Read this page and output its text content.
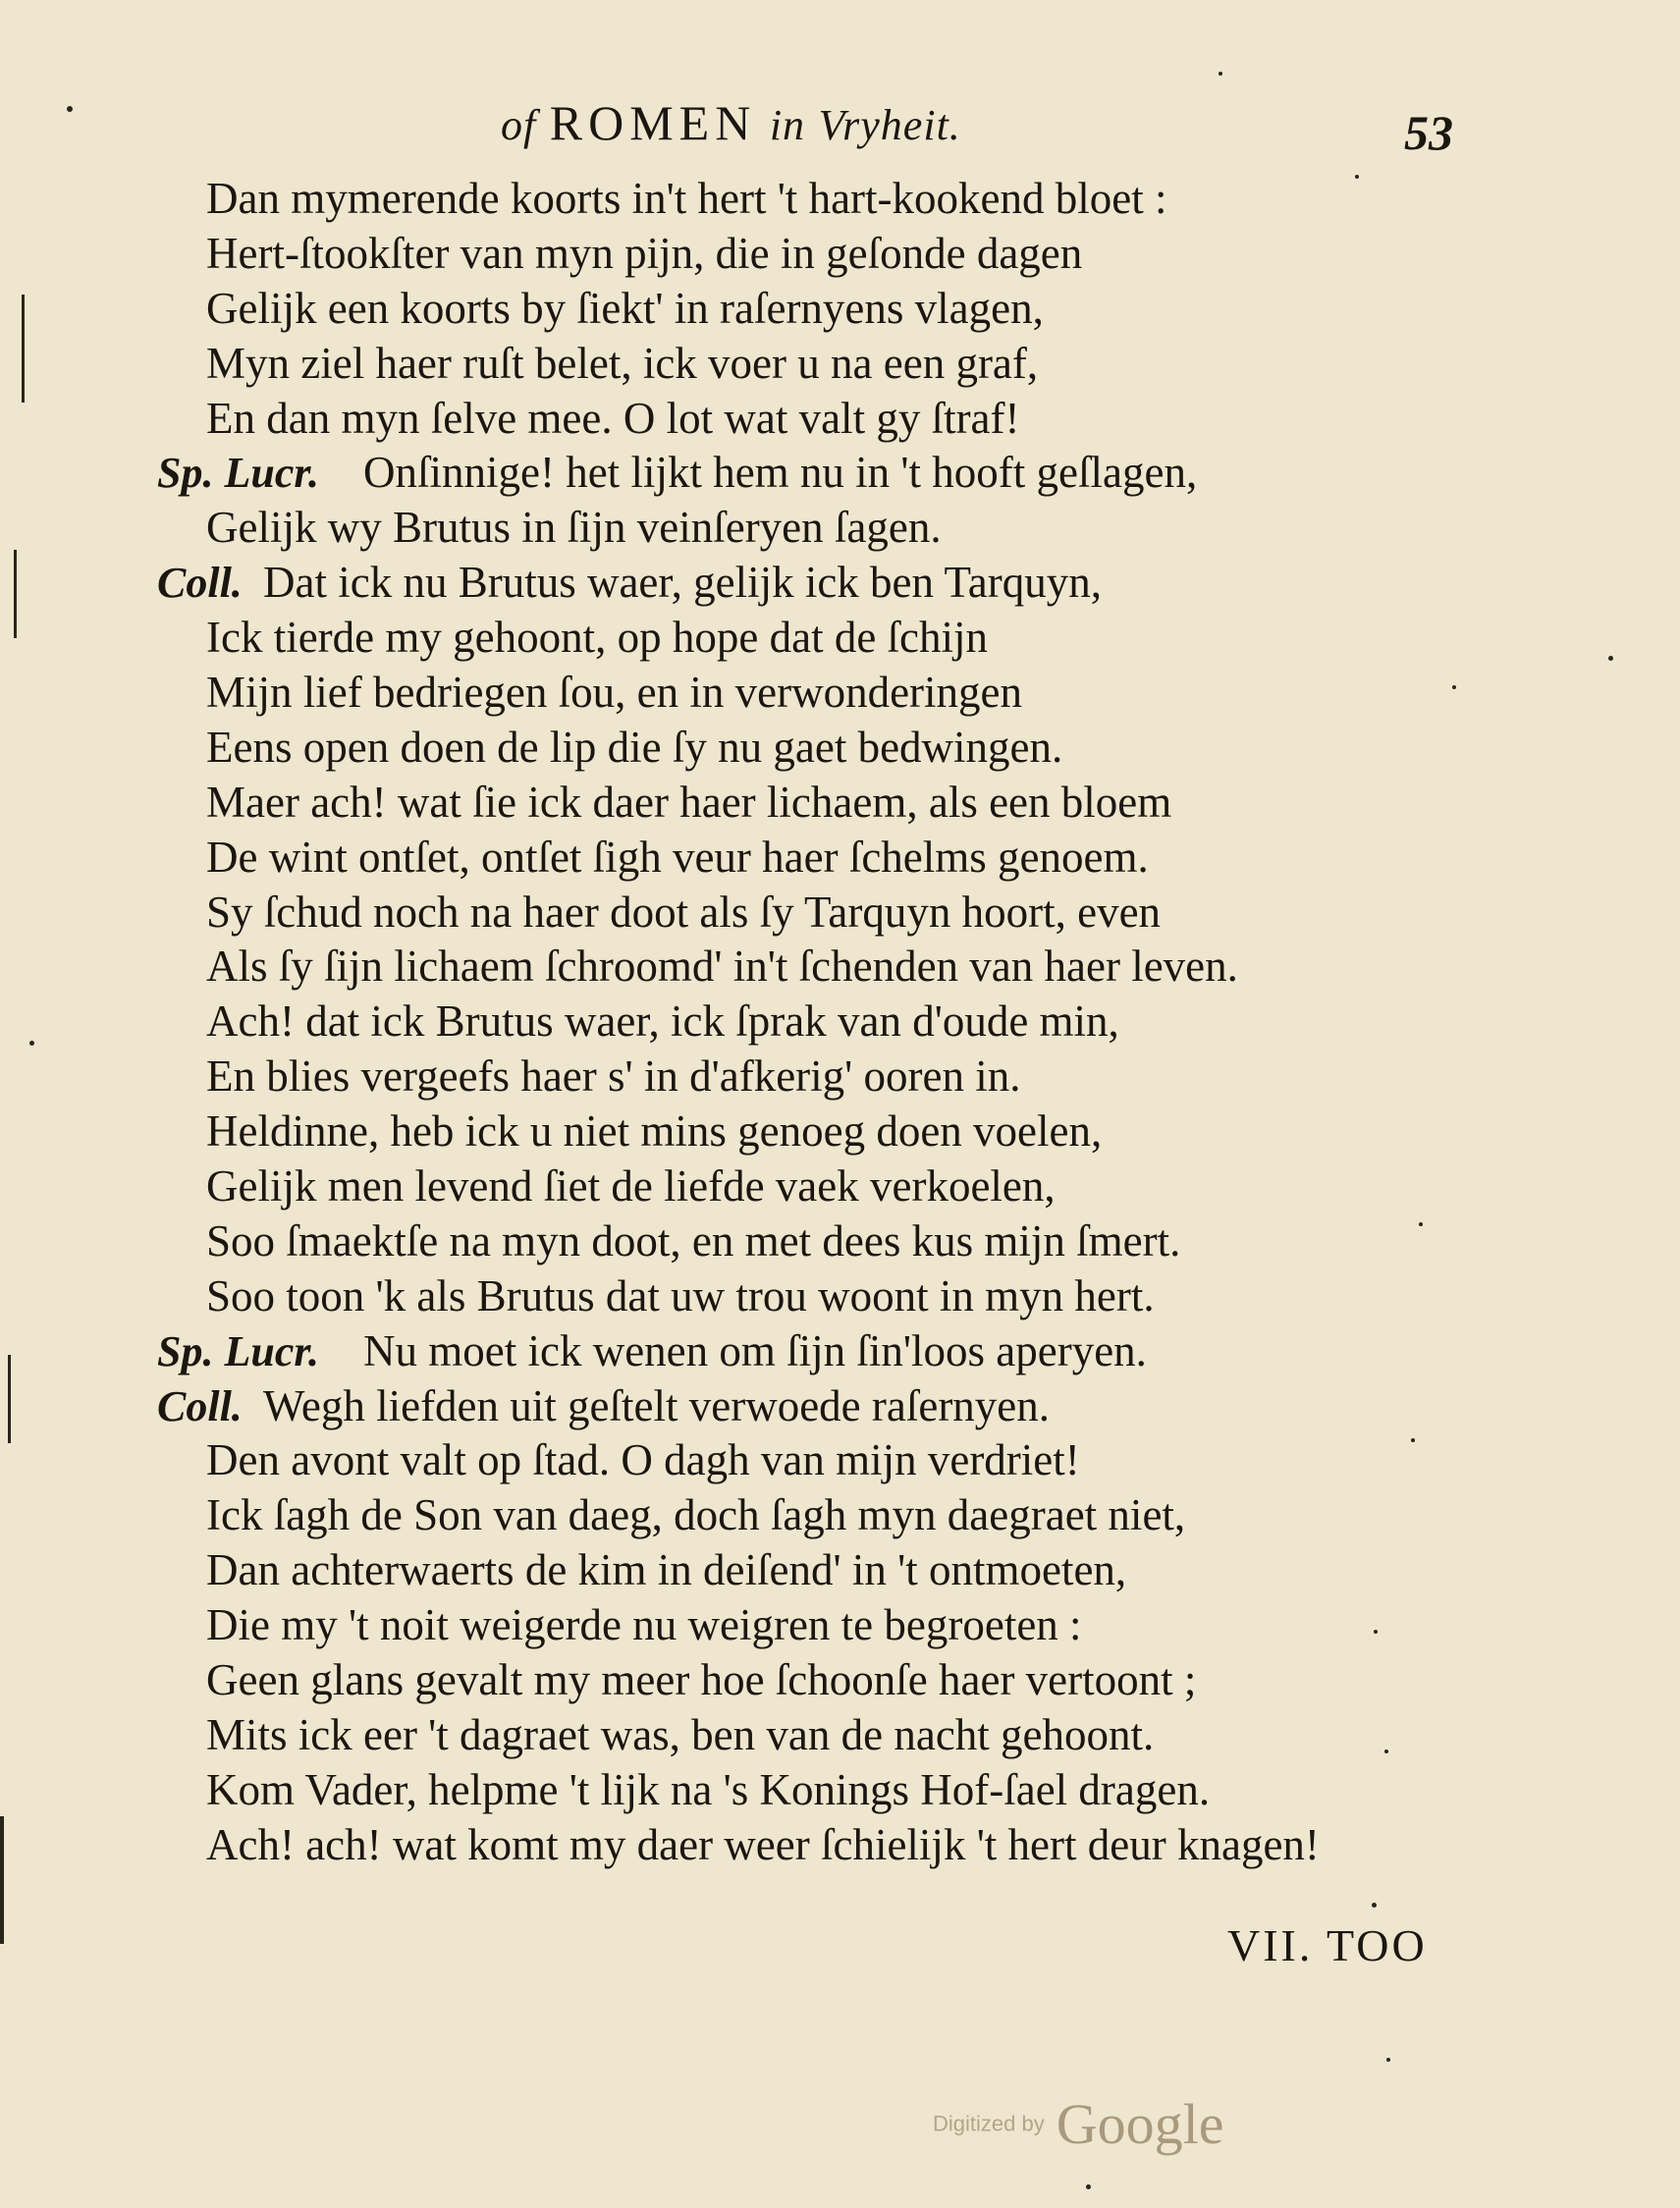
of ROMEN in Vryheit.	53
Dan mymerende koorts in't hert 't hart-kookend bloet :
Hert-ſtookſter van myn pijn, die in geſonde dagen
Gelijk een koorts by ſiekt' in raſernyens vlagen,
Myn ziel haer ruſt belet, ick voer u na een graf,
En dan myn ſelve mee. O lot wat valt gy ſtraf!
Sp. Lucr. Onſinnige! het lijkt hem nu in 't hooft geſlagen,
Gelijk wy Brutus in ſijn veinſeryen ſagen.
Coll. Dat ick nu Brutus waer, gelijk ick ben Tarquyn,
Ick tierde my gehoont, op hope dat de ſchijn
Mijn lief bedriegen ſou, en in verwonderingen
Eens open doen de lip die ſy nu gaet bedwingen.
Maer ach! wat ſie ick daer haer lichaem, als een bloem
De wint ontſet, ontſet ſigh veur haer ſchelms genoem.
Sy ſchud noch na haer doot als ſy Tarquyn hoort, even
Als ſy ſijn lichaem ſchroomd' in't ſchenden van haer leven.
Ach! dat ick Brutus waer, ick ſprak van d'oude min,
En blies vergeefs haer s' in d'afkerig' ooren in.
Heldinne, heb ick u niet mins genoeg doen voelen,
Gelijk men levend ſiet de liefde vaek verkoelen,
Soo ſmaektſe na myn doot, en met dees kus mijn ſmert.
Soo toon 'k als Brutus dat uw trou woont in myn hert.
Sp. Lucr. Nu moet ick wenen om ſijn ſin'loos aperyen.
Coll. Wegh liefden uit geſtelt verwoede raſernyen.
Den avont valt op ſtad. O dagh van mijn verdriet!
Ick ſagh de Son van daeg, doch ſagh myn daegraet niet,
Dan achterwaerts de kim in deiſend' in 't ontmoeten,
Die my 't noit weigerde nu weigren te begroeten :
Geen glans gevalt my meer hoe ſchoonſe haer vertoont ;
Mits ick eer 't dagraet was, ben van de nacht gehoont.
Kom Vader, helpme 't lijk na 's Konings Hof-ſael dragen.
Ach! ach! wat komt my daer weer ſchielijk 't hert deur knagen!
VII. TOO
Digitized by Google
